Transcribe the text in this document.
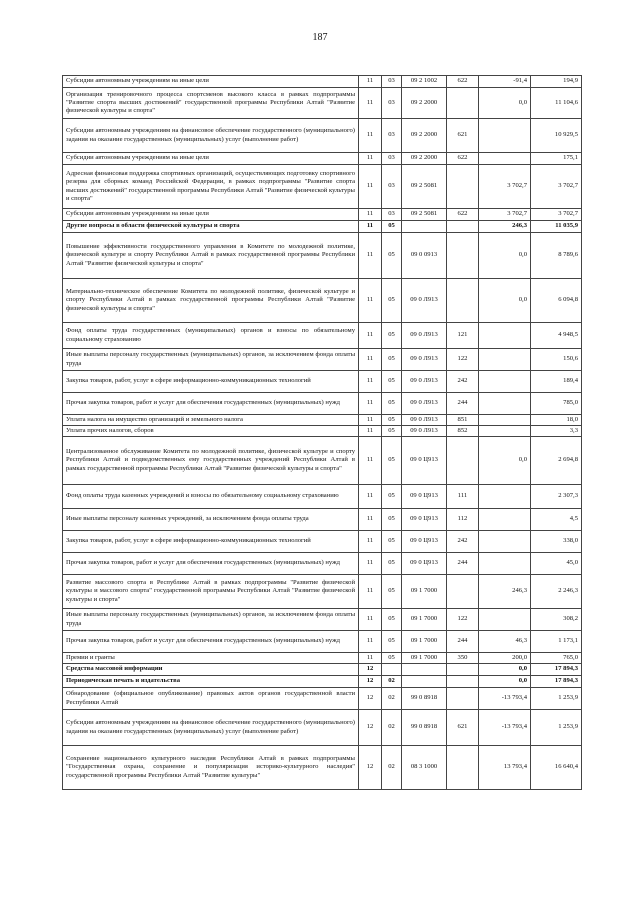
187
Субсидии автономным учреждениям на иные цели	11	03	09 2 1002	622	-91,4	194,9
Организация тренировочного процесса спортсменов высокого класса в рамках подпрограммы "Развитие спорта высших достижений" государственной программы Республики Алтай "Развитие физической культуры и спорта"	11	03	09 2 2000		0,0	11 104,6
Субсидии автономным учреждениям на финансовое обеспечение государственного (муниципального) задания на оказание государственных (муниципальных) услуг (выполнение работ)	11	03	09 2 2000	621		10 929,5
Субсидии автономным учреждениям на иные цели	11	03	09 2 2000	622		175,1
Адресная финансовая поддержка спортивных организаций, осуществляющих подготовку спортивного резерва для сборных команд Российской Федерации, в рамках подпрограммы "Развитие спорта высших достижений" государственной программы Республики Алтай "Развитие физической культуры и спорта"	11	03	09 2 5081		3 702,7	3 702,7
Субсидии автономным учреждениям на иные цели	11	03	09 2 5081	622	3 702,7	3 702,7
Другие вопросы в области физической культуры и спорта	11	05			246,3	11 035,9
Повышение эффективности государственного управления в Комитете по молодежной политике, физической культуре и спорту Республики Алтай в рамках государственной программы Республики Алтай "Развитие физической культуры и спорта"	11	05	09 0 0913		0,0	8 789,6
Материально-техническое обеспечение Комитета по молодежной политике, физической культуре и спорту Республики Алтай в рамках государственной программы Республики Алтай "Развитие физической культуры и спорта"	11	05	09 0 Л913		0,0	6 094,8
Фонд оплаты труда государственных (муниципальных) органов и взносы по обязательному социальному страхованию	11	05	09 0 Л913	121		4 948,5
Иные выплаты персоналу государственных (муниципальных) органов, за исключением фонда оплаты труда	11	05	09 0 Л913	122		150,6
Закупка товаров, работ, услуг в сфере информационно-коммуникационных технологий	11	05	09 0 Л913	242		189,4
Прочая закупка товаров, работ и услуг для обеспечения государственных (муниципальных) нужд	11	05	09 0 Л913	244		785,0
Уплата налога на имущество организаций и земельного налога	11	05	09 0 Л913	851		18,0
Уплата прочих налогов, сборов	11	05	09 0 Л913	852		3,3
Централизованное обслуживание Комитета по молодежной политике, физической культуре и спорту Республики Алтай и подведомственных ему государственных учреждений Республики Алтай в рамках государственной программы Республики Алтай "Развитие физической культуры и спорта"	11	05	09 0 Ц913		0,0	2 694,8
Фонд оплаты труда казенных учреждений и взносы по обязательному социальному страхованию	11	05	09 0 Ц913	111		2 307,3
Иные выплаты персоналу казенных учреждений, за исключением фонда оплаты труда	11	05	09 0 Ц913	112		4,5
Закупка товаров, работ, услуг в сфере информационно-коммуникационных технологий	11	05	09 0 Ц913	242		338,0
Прочая закупка товаров, работ и услуг для обеспечения государственных (муниципальных) нужд	11	05	09 0 Ц913	244		45,0
Развитие массового спорта в Республике Алтай в рамках подпрограммы "Развитие физической культуры и массового спорта" государственной программы Республики Алтай "Развитие физической культуры и спорта"	11	05	09 1 7000		246,3	2 246,3
Иные выплаты персоналу государственных (муниципальных) органов, за исключением фонда оплаты труда	11	05	09 1 7000	122		308,2
Прочая закупка товаров, работ и услуг для обеспечения государственных (муниципальных) нужд	11	05	09 1 7000	244	46,3	1 173,1
Премии и гранты	11	05	09 1 7000	350	200,0	765,0
Средства массовой информации	12				0,0	17 894,3
Периодическая печать и издательства	12	02			0,0	17 894,3
Обнародование (официальное опубликование) правовых актов органов государственной власти Республики Алтай	12	02	99 0 8918		-13 793,4	1 253,9
Субсидии автономным учреждениям на финансовое обеспечение государственного (муниципального) задания на оказание государственных (муниципальных) услуг (выполнение работ)	12	02	99 0 8918	621	-13 793,4	1 253,9
Сохранение национального культурного наследия Республики Алтай в рамках подпрограммы "Государственная охрана, сохранение и популяризация историко-культурного наследия" государственной программы Республики Алтай "Развитие культуры"	12	02	08 3 1000		13 793,4	16 640,4
